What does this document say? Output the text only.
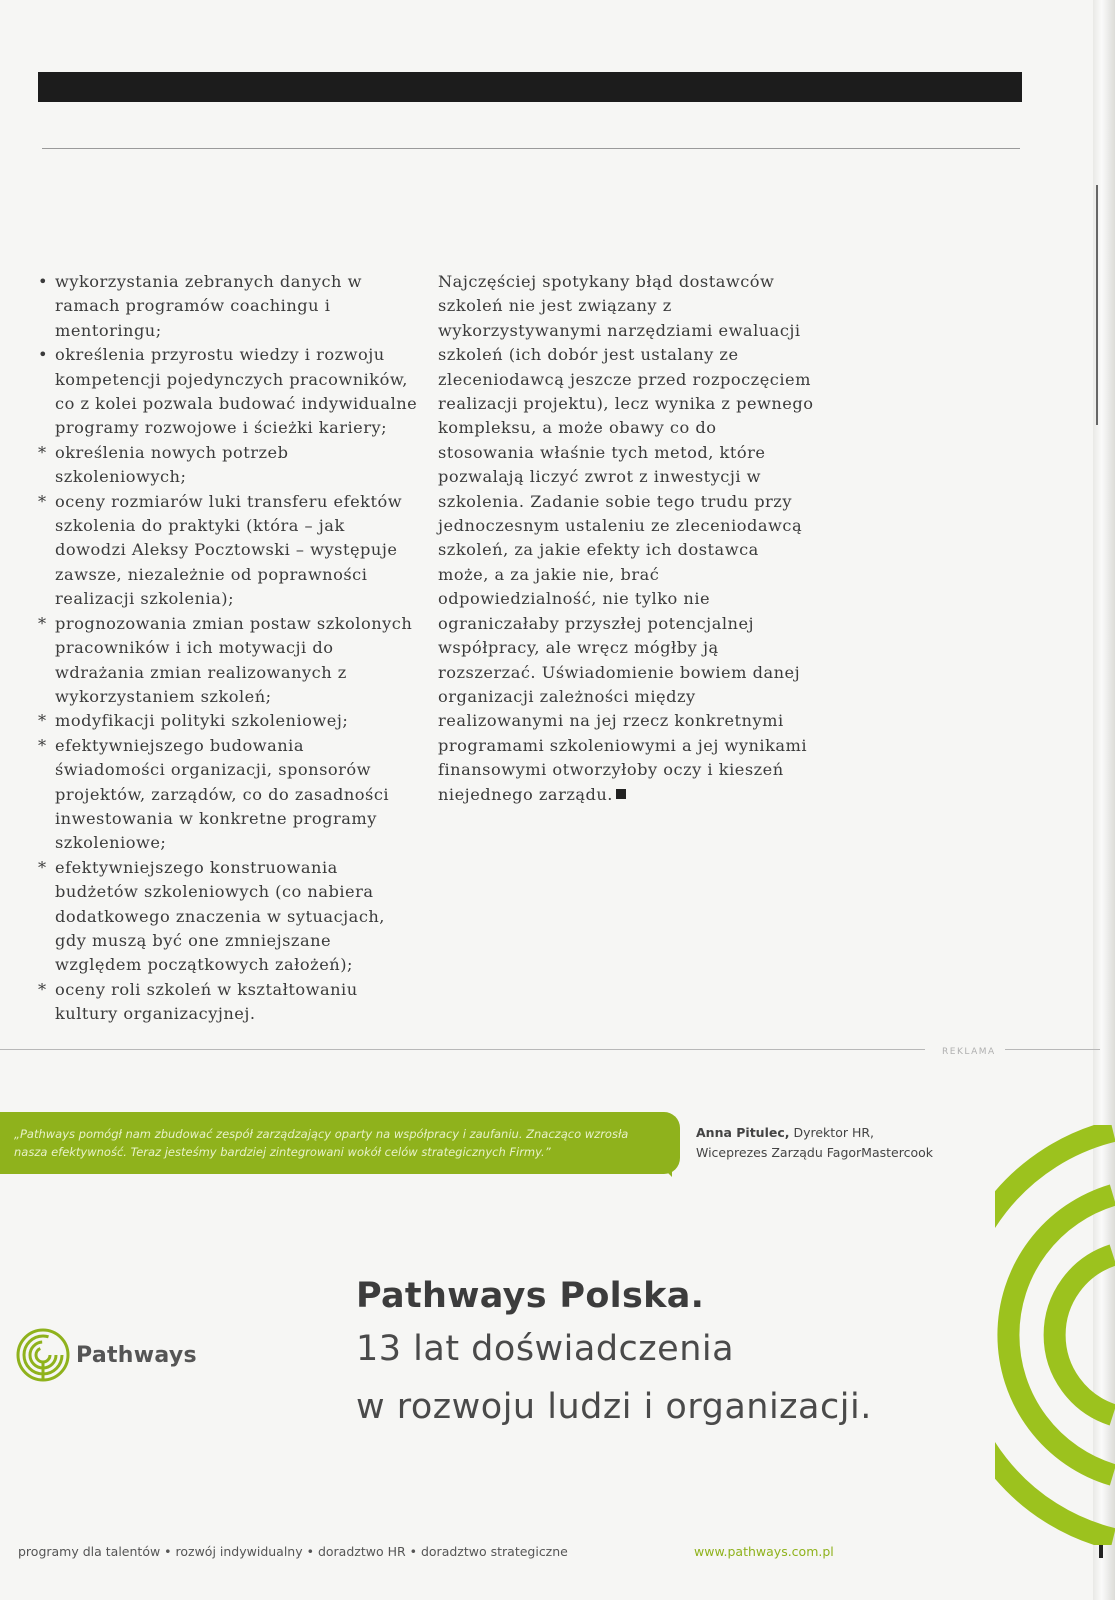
• wykorzystania zebranych danych w ramach programów coachingu i mentoringu;
• określenia przyrostu wiedzy i rozwoju kompetencji pojedynczych pracowników, co z kolei pozwala budować indywidualne programy rozwojowe i ścieżki kariery;
* określenia nowych potrzeb szkoleniowych;
* oceny rozmiarów luki transferu efektów szkolenia do praktyki (która – jak dowodzi Aleksy Pocztowski – występuje zawsze, niezależnie od poprawności realizacji szkolenia);
* prognozowania zmian postaw szkolonych pracowników i ich motywacji do wdrażania zmian realizowanych z wykorzystaniem szkoleń;
* modyfikacji polityki szkoleniowej;
* efektywniejszego budowania świadomości organizacji, sponsorów projektów, zarządów, co do zasadności inwestowania w konkretne programy szkoleniowe;
* efektywniejszego konstruowania budżetów szkoleniowych (co nabiera dodatkowego znaczenia w sytuacjach, gdy muszą być one zmniejszane względem początkowych założeń);
* oceny roli szkoleń w kształtowaniu kultury organizacyjnej.

Najczęściej spotykany błąd dostawców szkoleń nie jest związany z wykorzystywanymi narzędziami ewaluacji szkoleń (ich dobór jest ustalany ze zleceniodawcą jeszcze przed rozpoczęciem realizacji projektu), lecz wynika z pewnego kompleksu, a może obawy co do stosowania właśnie tych metod, które pozwalają liczyć zwrot z inwestycji w szkolenia. Zadanie sobie tego trudu przy jednoczesnym ustaleniu ze zleceniodawcą szkoleń, za jakie efekty ich dostawca może, a za jakie nie, brać odpowiedzialność, nie tylko nie ograniczałaby przyszłej potencjalnej współpracy, ale wręcz mógłby ją rozszerzać. Uświadomienie bowiem danej organizacji zależności między realizowanymi na jej rzecz konkretnymi programami szkoleniowymi a jej wynikami finansowymi otworzyłoby oczy i kieszeń niejednego zarządu.

REKLAMA
„Pathways pomógł nam zbudować zespół zarządzający oparty na współpracy i zaufaniu. Znacząco wzrosła nasza efektywność. Teraz jesteśmy bardziej zintegrowani wokół celów strategicznych Firmy.”
Anna Pitulec, Dyrektor HR,
Wiceprezes Zarządu FagorMastercook
Pathways Polska.
13 lat doświadczenia
w rozwoju ludzi i organizacji.
Pathways
programy dla talentów • rozwój indywidualny • doradztwo HR • doradztwo strategiczne	www.pathways.com.pl
